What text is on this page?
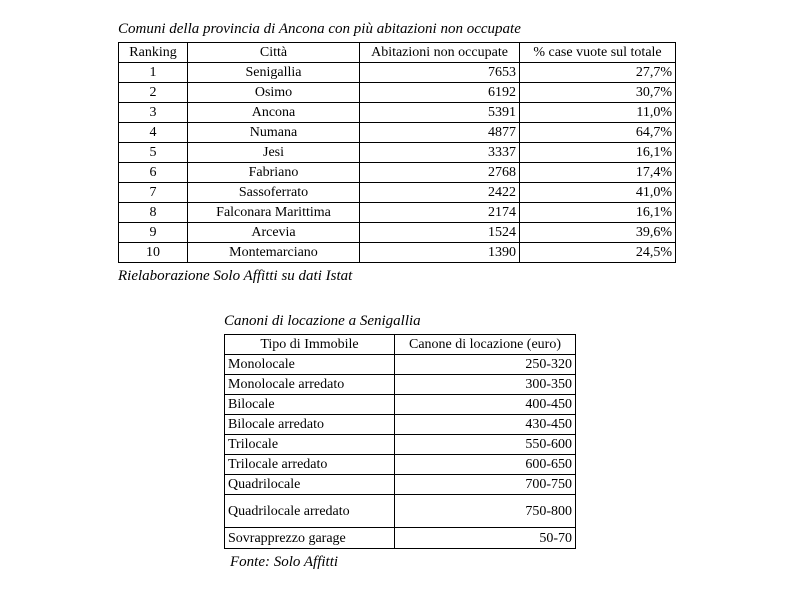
Comuni della provincia di Ancona con più abitazioni non occupate
Ranking	Città	Abitazioni non occupate	% case vuote sul totale
1	Senigallia	7653	27,7%
2	Osimo	6192	30,7%
3	Ancona	5391	11,0%
4	Numana	4877	64,7%
5	Jesi	3337	16,1%
6	Fabriano	2768	17,4%
7	Sassoferrato	2422	41,0%
8	Falconara Marittima	2174	16,1%
9	Arcevia	1524	39,6%
10	Montemarciano	1390	24,5%
Rielaborazione Solo Affitti su dati Istat
Canoni di locazione a Senigallia
Tipo di Immobile	Canone di locazione (euro)
Monolocale	250-320
Monolocale arredato	300-350
Bilocale	400-450
Bilocale arredato	430-450
Trilocale	550-600
Trilocale arredato	600-650
Quadrilocale	700-750
Quadrilocale arredato	750-800
Sovrapprezzo garage	50-70
Fonte: Solo Affitti
